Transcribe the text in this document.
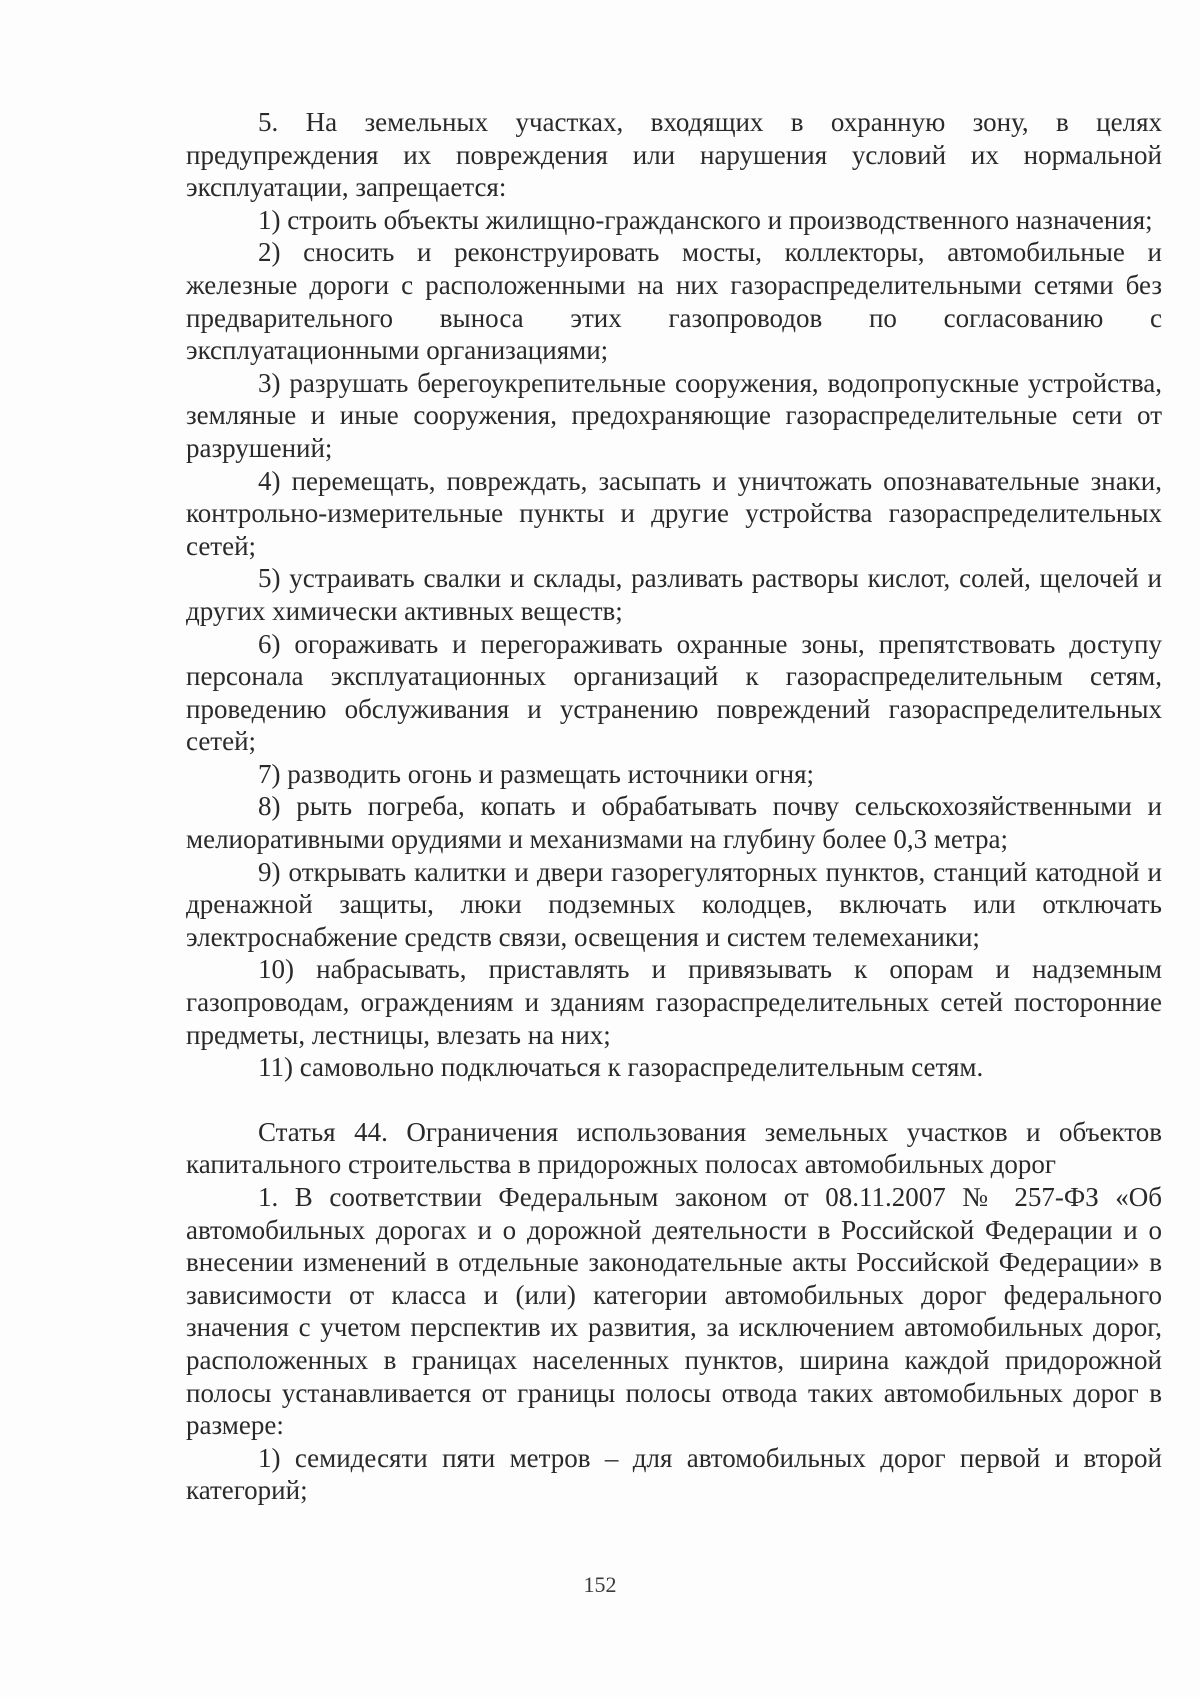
5. На земельных участках, входящих в охранную зону, в целях предупреждения их повреждения или нарушения условий их нормальной эксплуатации, запрещается:

1) строить объекты жилищно-гражданского и производственного назначения;

2) сносить и реконструировать мосты, коллекторы, автомобильные и железные дороги с расположенными на них газораспределительными сетями без предварительного выноса этих газопроводов по согласованию с эксплуатационными организациями;

3) разрушать берегоукрепительные сооружения, водопропускные устройства, земляные и иные сооружения, предохраняющие газораспределительные сети от разрушений;

4) перемещать, повреждать, засыпать и уничтожать опознавательные знаки, контрольно-измерительные пункты и другие устройства газораспределительных сетей;

5) устраивать свалки и склады, разливать растворы кислот, солей, щелочей и других химически активных веществ;

6) огораживать и перегораживать охранные зоны, препятствовать доступу персонала эксплуатационных организаций к газораспределительным сетям, проведению обслуживания и устранению повреждений газораспределительных сетей;

7) разводить огонь и размещать источники огня;

8) рыть погреба, копать и обрабатывать почву сельскохозяйственными и мелиоративными орудиями и механизмами на глубину более 0,3 метра;

9) открывать калитки и двери газорегуляторных пунктов, станций катодной и дренажной защиты, люки подземных колодцев, включать или отключать электроснабжение средств связи, освещения и систем телемеханики;

10) набрасывать, приставлять и привязывать к опорам и надземным газопроводам, ограждениям и зданиям газораспределительных сетей посторонние предметы, лестницы, влезать на них;

11) самовольно подключаться к газораспределительным сетям.

Статья 44. Ограничения использования земельных участков и объектов капитального строительства в придорожных полосах автомобильных дорог

1. В соответствии Федеральным законом от 08.11.2007 № 257-ФЗ «Об автомобильных дорогах и о дорожной деятельности в Российской Федерации и о внесении изменений в отдельные законодательные акты Российской Федерации» в зависимости от класса и (или) категории автомобильных дорог федерального значения с учетом перспектив их развития, за исключением автомобильных дорог, расположенных в границах населенных пунктов, ширина каждой придорожной полосы устанавливается от границы полосы отвода таких автомобильных дорог в размере:

1) семидесяти пяти метров – для автомобильных дорог первой и второй категорий;

152
